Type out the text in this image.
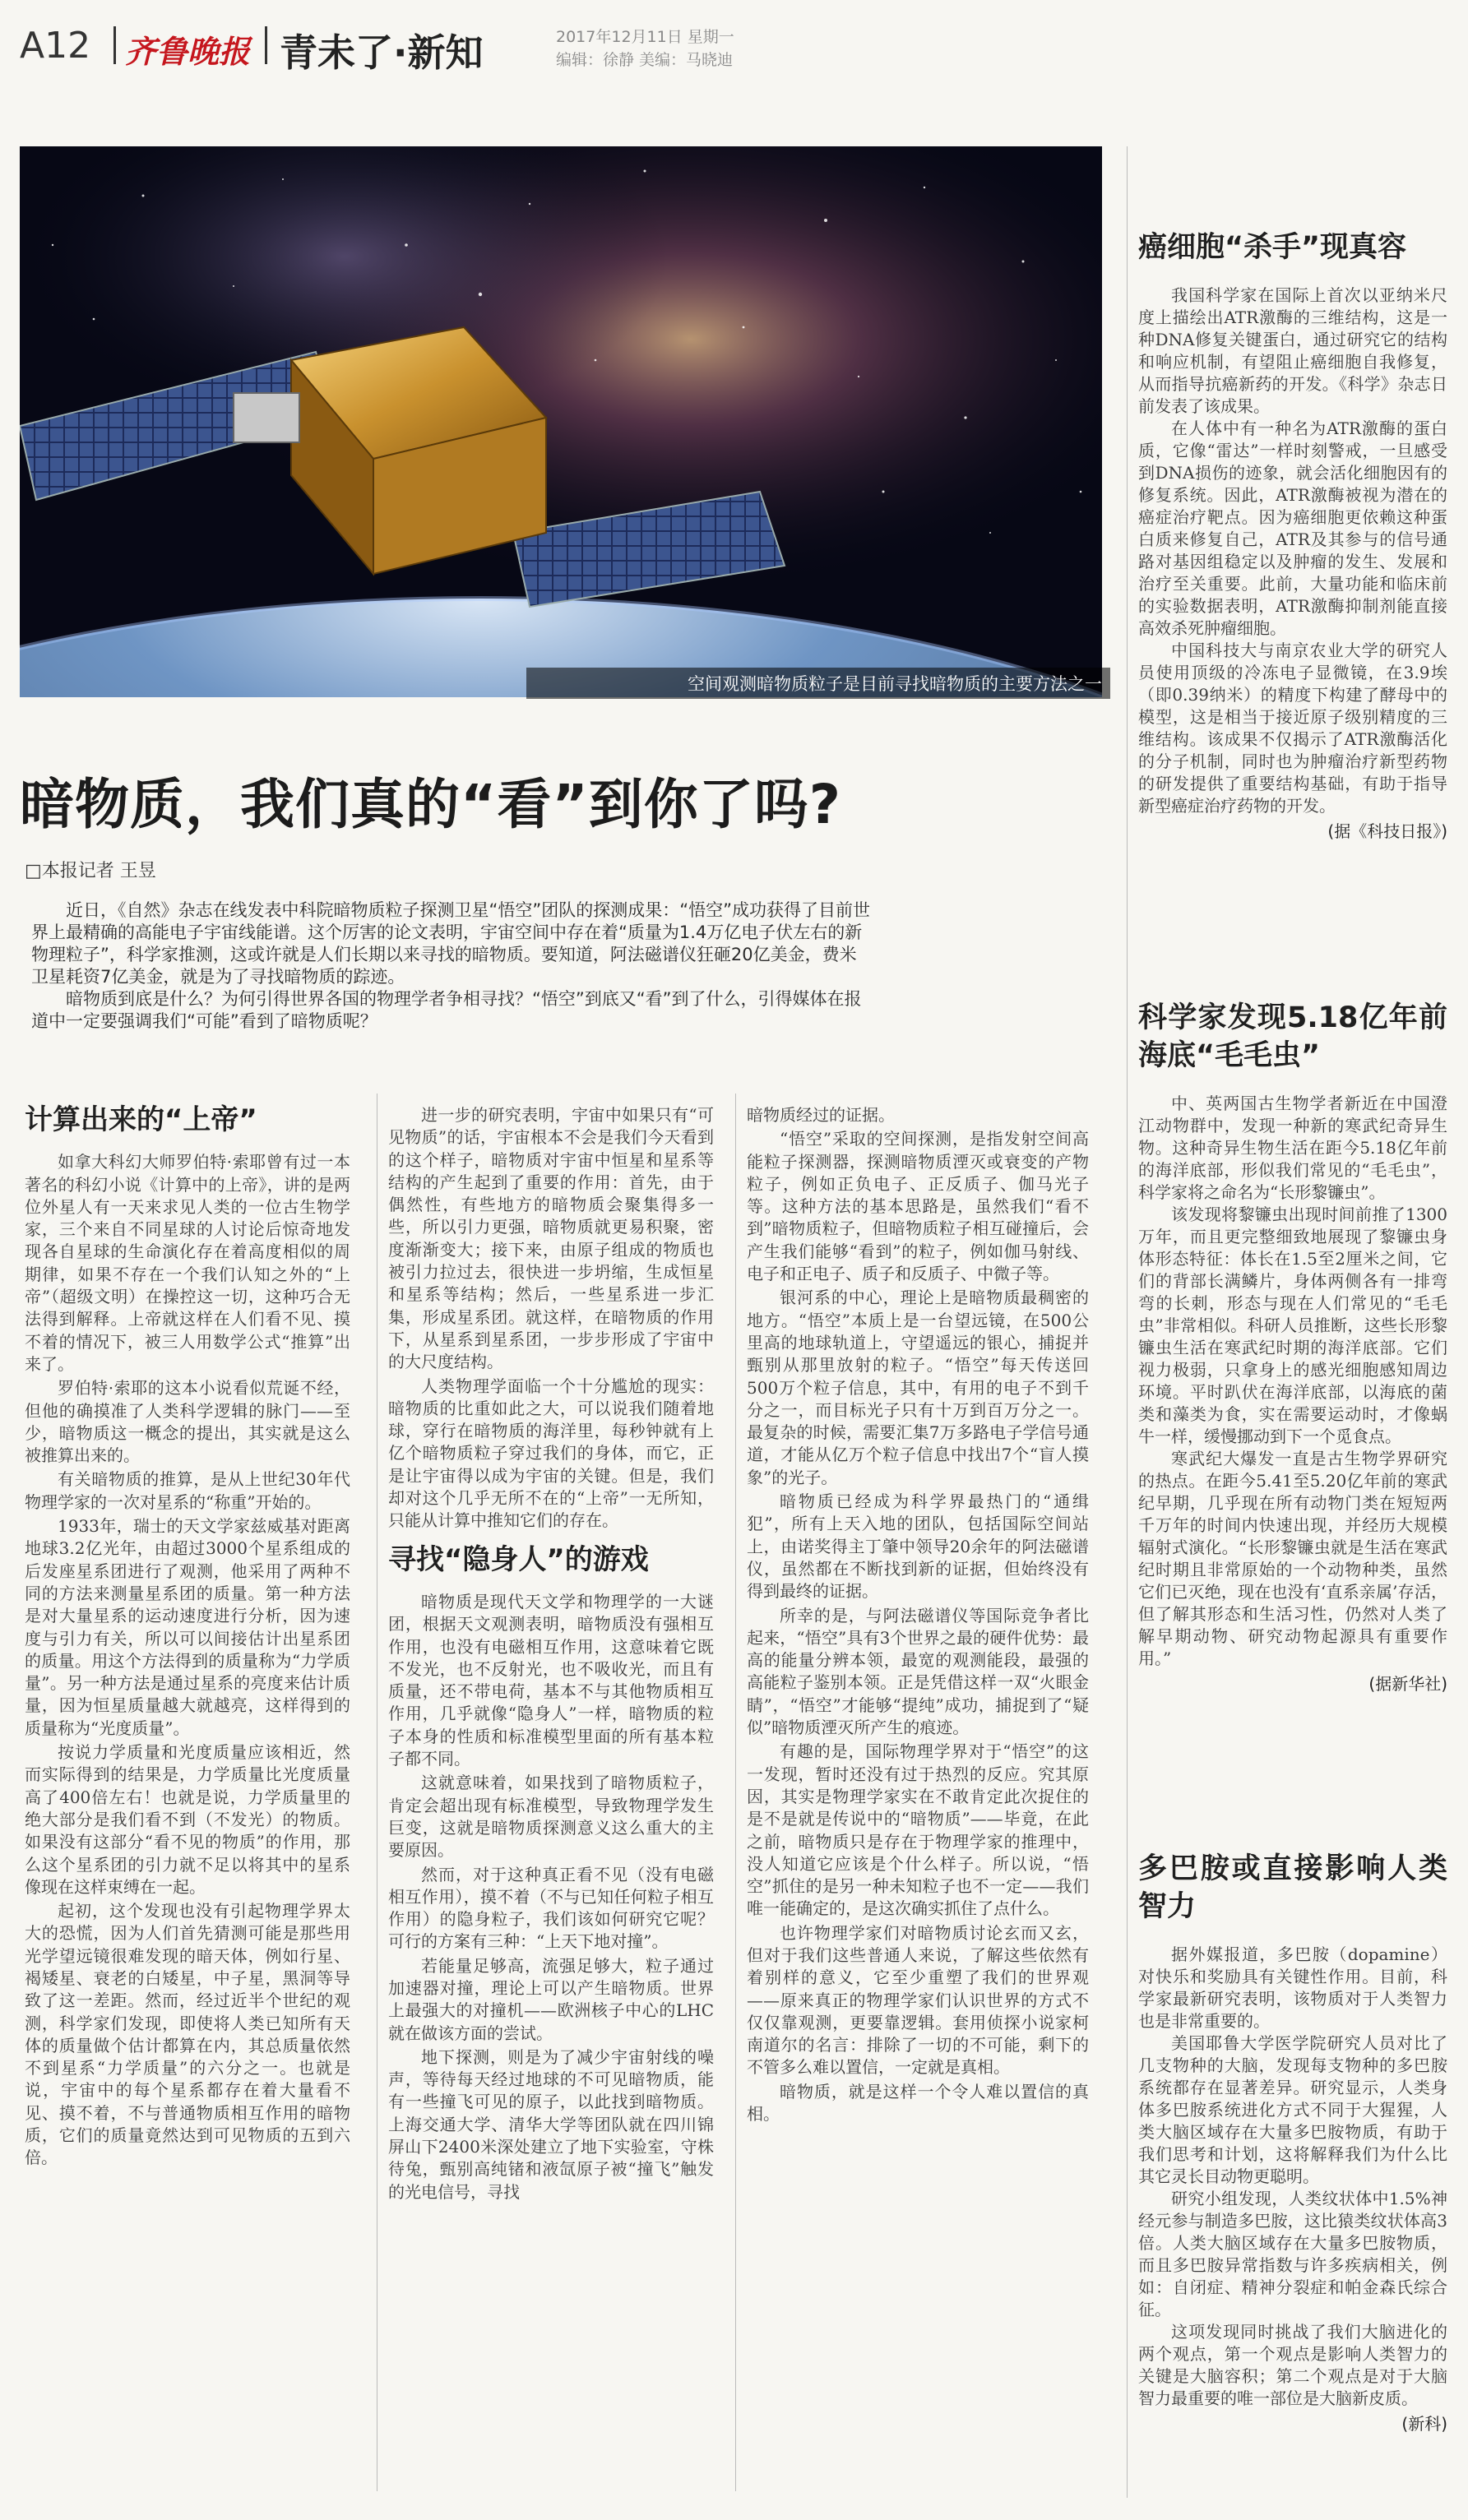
A12 齐鲁晚报 青未了·新知	2017年12月11日 星期一
编辑：徐静 美编：马晓迪
空间观测暗物质粒子是目前寻找暗物质的主要方法之一
暗物质，我们真的“看”到你了吗?
□本报记者 王昱

近日，《自然》杂志在线发表中科院暗物质粒子探测卫星“悟空”团队的探测成果：“悟空”成功获得了目前世界上最精确的高能电子宇宙线能谱。这个厉害的论文表明，宇宙空间中存在着“质量为1.4万亿电子伏左右的新物理粒子”，科学家推测，这或许就是人们长期以来寻找的暗物质。要知道，阿法磁谱仪狂砸20亿美金，费米卫星耗资7亿美金，就是为了寻找暗物质的踪迹。

暗物质到底是什么？为何引得世界各国的物理学者争相寻找？“悟空”到底又“看”到了什么，引得媒体在报道中一定要强调我们“可能”看到了暗物质呢？

计算出来的“上帝”

如拿大科幻大师罗伯特·索耶曾有过一本著名的科幻小说《计算中的上帝》，讲的是两位外星人有一天来求见人类的一位古生物学家，三个来自不同星球的人讨论后惊奇地发现各自星球的生命演化存在着高度相似的周期律，如果不存在一个我们认知之外的“上帝”（超级文明）在操控这一切，这种巧合无法得到解释。上帝就这样在人们看不见、摸不着的情况下，被三人用数学公式“推算”出来了。

罗伯特·索耶的这本小说看似荒诞不经，但他的确摸准了人类科学逻辑的脉门——至少，暗物质这一概念的提出，其实就是这么被推算出来的。

有关暗物质的推算，是从上世纪30年代物理学家的一次对星系的“称重”开始的。

1933年，瑞士的天文学家兹威基对距离地球3.2亿光年，由超过3000个星系组成的后发座星系团进行了观测，他采用了两种不同的方法来测量星系团的质量。第一种方法是对大量星系的运动速度进行分析，因为速度与引力有关，所以可以间接估计出星系团的质量。用这个方法得到的质量称为“力学质量”。另一种方法是通过星系的亮度来估计质量，因为恒星质量越大就越亮，这样得到的质量称为“光度质量”。

按说力学质量和光度质量应该相近，然而实际得到的结果是，力学质量比光度质量高了400倍左右！也就是说，力学质量里的绝大部分是我们看不到（不发光）的物质。如果没有这部分“看不见的物质”的作用，那么这个星系团的引力就不足以将其中的星系像现在这样束缚在一起。

起初，这个发现也没有引起物理学界太大的恐慌，因为人们首先猜测可能是那些用光学望远镜很难发现的暗天体，例如行星、褐矮星、衰老的白矮星，中子星，黑洞等导致了这一差距。然而，经过近半个世纪的观测，科学家们发现，即使将人类已知所有天体的质量做个估计都算在内，其总质量依然不到星系“力学质量”的六分之一。也就是说，宇宙中的每个星系都存在着大量看不见、摸不着，不与普通物质相互作用的暗物质，它们的质量竟然达到可见物质的五到六倍。

进一步的研究表明，宇宙中如果只有“可见物质”的话，宇宙根本不会是我们今天看到的这个样子，暗物质对宇宙中恒星和星系等结构的产生起到了重要的作用：首先，由于偶然性，有些地方的暗物质会聚集得多一些，所以引力更强，暗物质就更易积聚，密度渐渐变大；接下来，由原子组成的物质也被引力拉过去，很快进一步坍缩，生成恒星和星系等结构；然后，一些星系进一步汇集，形成星系团。就这样，在暗物质的作用下，从星系到星系团，一步步形成了宇宙中的大尺度结构。

人类物理学面临一个十分尴尬的现实：暗物质的比重如此之大，可以说我们随着地球，穿行在暗物质的海洋里，每秒钟就有上亿个暗物质粒子穿过我们的身体，而它，正是让宇宙得以成为宇宙的关键。但是，我们却对这个几乎无所不在的“上帝”一无所知，只能从计算中推知它们的存在。

寻找“隐身人”的游戏

暗物质是现代天文学和物理学的一大谜团，根据天文观测表明，暗物质没有强相互作用，也没有电磁相互作用，这意味着它既不发光，也不反射光，也不吸收光，而且有质量，还不带电荷，基本不与其他物质相互作用，几乎就像“隐身人”一样，暗物质的粒子本身的性质和标准模型里面的所有基本粒子都不同。

这就意味着，如果找到了暗物质粒子，肯定会超出现有标准模型，导致物理学发生巨变，这就是暗物质探测意义这么重大的主要原因。

然而，对于这种真正看不见（没有电磁相互作用），摸不着（不与已知任何粒子相互作用）的隐身粒子，我们该如何研究它呢？可行的方案有三种：“上天下地对撞”。

若能量足够高，流强足够大，粒子通过加速器对撞，理论上可以产生暗物质。世界上最强大的对撞机——欧洲核子中心的LHC就在做该方面的尝试。

地下探测，则是为了减少宇宙射线的噪声，等待每天经过地球的不可见暗物质，能有一些撞飞可见的原子，以此找到暗物质。上海交通大学、清华大学等团队就在四川锦屏山下2400米深处建立了地下实验室，守株待兔，甄别高纯锗和液氙原子被“撞飞”触发的光电信号，寻找

暗物质经过的证据。

“悟空”采取的空间探测，是指发射空间高能粒子探测器，探测暗物质湮灭或衰变的产物粒子，例如正负电子、正反质子、伽马光子等。这种方法的基本思路是，虽然我们“看不到”暗物质粒子，但暗物质粒子相互碰撞后，会产生我们能够“看到”的粒子，例如伽马射线、电子和正电子、质子和反质子、中微子等。

银河系的中心，理论上是暗物质最稠密的地方。“悟空”本质上是一台望远镜，在500公里高的地球轨道上，守望遥远的银心，捕捉并甄别从那里放射的粒子。“悟空”每天传送回500万个粒子信息，其中，有用的电子不到千分之一，而目标光子只有十万到百万分之一。最复杂的时候，需要汇集7万多路电子学信号通道，才能从亿万个粒子信息中找出7个“盲人摸象”的光子。

暗物质已经成为科学界最热门的“通缉犯”，所有上天入地的团队，包括国际空间站上，由诺奖得主丁肇中领导20余年的阿法磁谱仪，虽然都在不断找到新的证据，但始终没有得到最终的证据。

所幸的是，与阿法磁谱仪等国际竞争者比起来，“悟空”具有3个世界之最的硬件优势：最高的能量分辨本领，最宽的观测能段，最强的高能粒子鉴别本领。正是凭借这样一双“火眼金睛”，“悟空”才能够“提纯”成功，捕捉到了“疑似”暗物质湮灭所产生的痕迹。

有趣的是，国际物理学界对于“悟空”的这一发现，暂时还没有过于热烈的反应。究其原因，其实是物理学家实在不敢肯定此次捉住的是不是就是传说中的“暗物质”——毕竟，在此之前，暗物质只是存在于物理学家的推理中，没人知道它应该是个什么样子。所以说，“悟空”抓住的是另一种未知粒子也不一定——我们唯一能确定的，是这次确实抓住了点什么。

也许物理学家们对暗物质讨论玄而又玄，但对于我们这些普通人来说，了解这些依然有着别样的意义，它至少重塑了我们的世界观——原来真正的物理学家们认识世界的方式不仅仅靠观测，更要靠逻辑。套用侦探小说家柯南道尔的名言：排除了一切的不可能，剩下的不管多么难以置信，一定就是真相。

暗物质，就是这样一个令人难以置信的真相。

癌细胞“杀手”现真容

我国科学家在国际上首次以亚纳米尺度上描绘出ATR激酶的三维结构，这是一种DNA修复关键蛋白，通过研究它的结构和响应机制，有望阻止癌细胞自我修复，从而指导抗癌新药的开发。《科学》杂志日前发表了该成果。

在人体中有一种名为ATR激酶的蛋白质，它像“雷达”一样时刻警戒，一旦感受到DNA损伤的迹象，就会活化细胞因有的修复系统。因此，ATR激酶被视为潜在的癌症治疗靶点。因为癌细胞更依赖这种蛋白质来修复自己，ATR及其参与的信号通路对基因组稳定以及肿瘤的发生、发展和治疗至关重要。此前，大量功能和临床前的实验数据表明，ATR激酶抑制剂能直接高效杀死肿瘤细胞。

中国科技大与南京农业大学的研究人员使用顶级的冷冻电子显微镜，在3.9埃（即0.39纳米）的精度下构建了酵母中的模型，这是相当于接近原子级别精度的三维结构。该成果不仅揭示了ATR激酶活化的分子机制，同时也为肿瘤治疗新型药物的研发提供了重要结构基础，有助于指导新型癌症治疗药物的开发。

(据《科技日报》)
科学家发现5.18亿年前海底“毛毛虫”

中、英两国古生物学者新近在中国澄江动物群中，发现一种新的寒武纪奇异生物。这种奇异生物生活在距今5.18亿年前的海洋底部，形似我们常见的“毛毛虫”，科学家将之命名为“长形黎镰虫”。

该发现将黎镰虫出现时间前推了1300万年，而且更完整细致地展现了黎镰虫身体形态特征：体长在1.5至2厘米之间，它们的背部长满鳞片，身体两侧各有一排弯弯的长刺，形态与现在人们常见的“毛毛虫”非常相似。科研人员推断，这些长形黎镰虫生活在寒武纪时期的海洋底部。它们视力极弱，只拿身上的感光细胞感知周边环境。平时趴伏在海洋底部，以海底的菌类和藻类为食，实在需要运动时，才像蜗牛一样，缓慢挪动到下一个觅食点。

寒武纪大爆发一直是古生物学界研究的热点。在距今5.41至5.20亿年前的寒武纪早期，几乎现在所有动物门类在短短两千万年的时间内快速出现，并经历大规模辐射式演化。“长形黎镰虫就是生活在寒武纪时期且非常原始的一个动物种类，虽然它们已灭绝，现在也没有‘直系亲属’存活，但了解其形态和生活习性，仍然对人类了解早期动物、研究动物起源具有重要作用。”

(据新华社)
多巴胺或直接影响人类智力

据外媒报道，多巴胺（dopamine）对快乐和奖励具有关键性作用。目前，科学家最新研究表明，该物质对于人类智力也是非常重要的。

美国耶鲁大学医学院研究人员对比了几支物种的大脑，发现每支物种的多巴胺系统都存在显著差异。研究显示，人类身体多巴胺系统进化方式不同于大猩猩，人类大脑区域存在大量多巴胺物质，有助于我们思考和计划，这将解释我们为什么比其它灵长目动物更聪明。

研究小组发现，人类纹状体中1.5%神经元参与制造多巴胺，这比猿类纹状体高3倍。人类大脑区域存在大量多巴胺物质，而且多巴胺异常指数与许多疾病相关，例如：自闭症、精神分裂症和帕金森氏综合征。

这项发现同时挑战了我们大脑进化的两个观点，第一个观点是影响人类智力的关键是大脑容积；第二个观点是对于大脑智力最重要的唯一部位是大脑新皮质。

(新科)
